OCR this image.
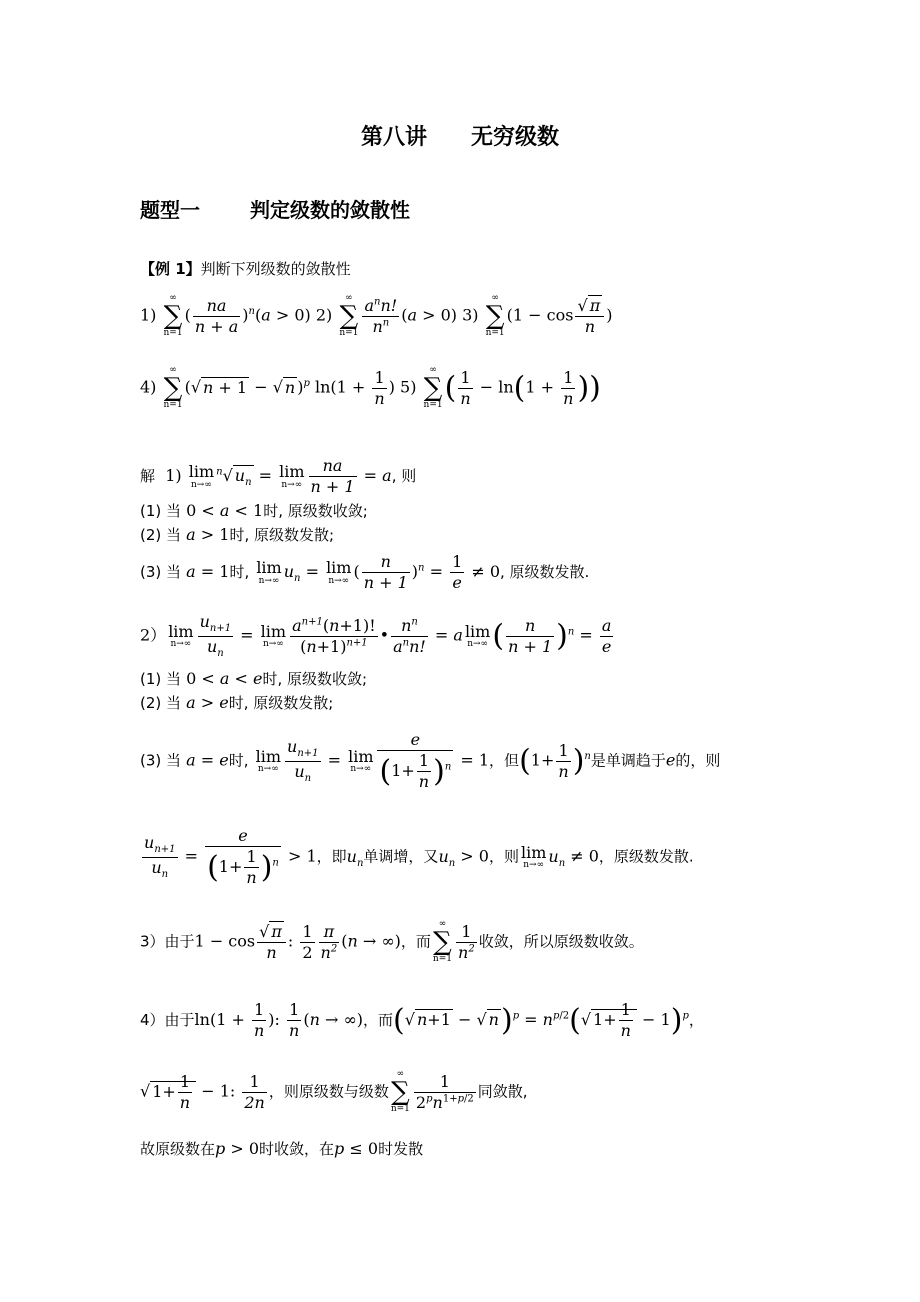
第八讲 无穷级数
题型一	判定级数的敛散性
【例 1】判断下列级数的敛散性
1)
∞
∑
n=1
( $\frac{na}{n + a} )^n(a > 0)$ 2)
∞
∑
$n=1 \frac{a^nn!}{n^n} (a > 0)$ 3)
∞
∑
n=1
($1 - \cos \frac{√ \pi}{n}$ )
4)
∞
∑
n=1
(√ n + 1 − √ n )$^p$ $\ln(1 + \frac{1}{n}$ ) 5)
∞
∑
n=1 ( $\frac{1}{n} - \ln(1 + \frac{1}{n}$ ))
解  1) lim
n→∞
$^n$√ $u_n = \lim$
$n\to\infty \frac{na}{n + 1} = a$, 则
(1) 当 0 < a < 1时, 原级数收敛;
(2) 当 a > 1时, 原级数发散;
(3) 当 a = 1时, lim
n→∞ $u_n = \lim$
n→∞ ( $\frac{n}{n + 1} )^n = \frac{1}{e} \ne 0$, 原级数发散.
2） lim
$n\to\infty \frac{u_{n+1}}{u_n} = \lim$
$n\to\infty \frac{a^{n+1}(n+1)!}{(n+1)^{n+1}}$ • $\frac{n^n}{a^nn!} = a$ lim
n→∞ ( $\frac{n}{n + 1} )^n = \frac{a}{e}$
(1) 当 0 < a < e时, 原级数收敛;
(2) 当 a > e时, 原级数发散;
(3) 当 a = e时, lim
$n\to\infty \frac{u_{n+1}}{u_n} = \lim$
$n\to\infty \frac{e}{(1+ \frac{1}{n} )^n} = 1$，但$(1+ \frac{1}{n} )^n$是单调趋于e的，则
$\frac{u_{n+1}}{u_n} = \frac{e}{(1+ \frac{1}{n} )^n} > 1$，即$u_n$单调增，又$u_n > 0$，则 lim
n→∞ $u_n \ne 0$，原级数发散.
3）由于$1 - \cos \frac{√ \pi}{n}$ : $\frac{1}{2} \frac{\pi}{n^2} (n$ → ∞)，而
∞
∑
$n=1 \frac{1}{n^2}$ 收敛，所以原级数收敛。
4）由于$\ln(1 + \frac{1}{n}$ ): $\frac{1}{n} (n$ → ∞)，而(√ n+1 − √ $n)^p = n^{p/2}(√$ $1+ \frac{1}{n} - 1)^p$，
√ $1+ \frac{1}{n} - 1$: $\frac{1}{2n}$ ，则原级数与级数
∞
∑
$n=1 \frac{1}{2^pn^{1+p/2}}$ 同敛散,
故原级数在p > 0时收敛，在p ≤ 0时发散
